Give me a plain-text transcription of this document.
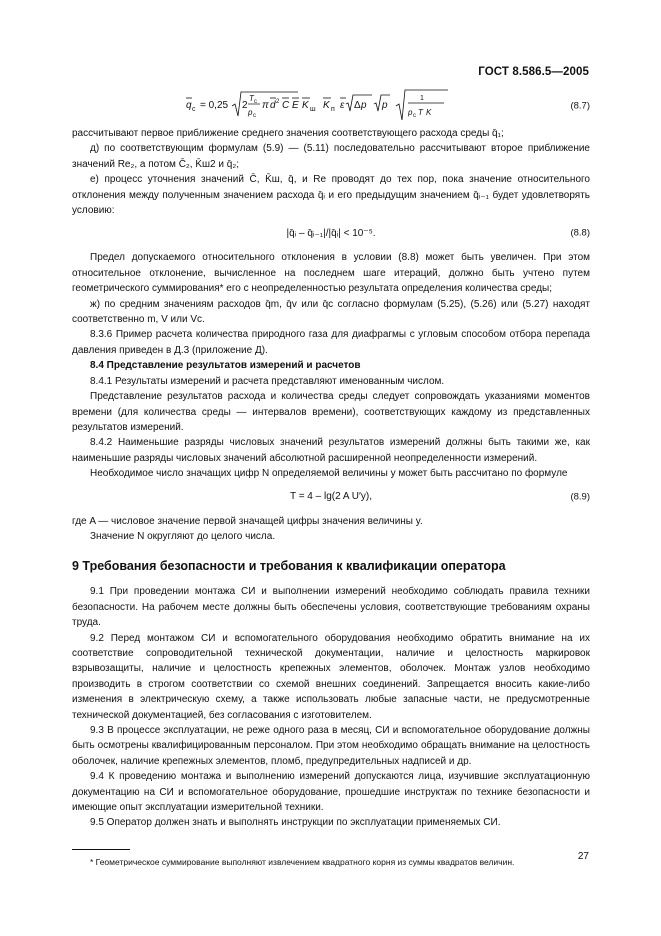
ГОСТ 8.586.5—2005
q с = 0,25 2
T с
p с
π d 2 C E K ш K п ε Δ p p
1
p с T K
(8.7)

рассчитывают первое приближение среднего значения соответствующего расхода среды q̄₁;

д) по соответствующим формулам (5.9) — (5.11) последовательно рассчитывают второе приближение значений Re₂, а потом C̄₂, K̄ш2 и q̄₂;

е) процесс уточнения значений C̄, K̄ш, q̄, и Re проводят до тех пор, пока значение относительного отклонения между полученным значением расхода q̄ᵢ и его предыдущим значением q̄ᵢ₋₁ будет удовлетворять условию:

|q̄ᵢ – q̄ᵢ₋₁|/|q̄ᵢ| < 10⁻⁵.	(8.8)

Предел допускаемого относительного отклонения в условии (8.8) может быть увеличен. При этом относительное отклонение, вычисленное на последнем шаге итераций, должно быть учтено путем геометрического суммирования* его с неопределенностью результата определения количества среды;

ж) по средним значениям расходов q̄m, q̄v или q̄с согласно формулам (5.25), (5.26) или (5.27) находят соответственно m, V или Vс.

8.3.6 Пример расчета количества природного газа для диафрагмы с угловым способом отбора перепада давления приведен в Д.3 (приложение Д).

8.4 Представление результатов измерений и расчетов

8.4.1 Результаты измерений и расчета представляют именованным числом.

Представление результатов расхода и количества среды следует сопровождать указаниями моментов времени (для количества среды — интервалов времени), соответствующих каждому из представленных результатов измерений.

8.4.2 Наименьшие разряды числовых значений результатов измерений должны быть такими же, как наименьшие разряды числовых значений абсолютной расширенной неопределенности измерений.

Необходимое число значащих цифр N определяемой величины y может быть рассчитано по формуле

T = 4 – lg(2 A U′y),	(8.9)

где A — числовое значение первой значащей цифры значения величины y.

Значение N округляют до целого числа.

9 Требования безопасности и требования к квалификации оператора

9.1 При проведении монтажа СИ и выполнении измерений необходимо соблюдать правила техники безопасности. На рабочем месте должны быть обеспечены условия, соответствующие требованиям охраны труда.

9.2 Перед монтажом СИ и вспомогательного оборудования необходимо обратить внимание на их соответствие сопроводительной технической документации, наличие и целостность маркировок взрывозащиты, наличие и целостность крепежных элементов, оболочек. Монтаж узлов необходимо производить в строгом соответствии со схемой внешних соединений. Запрещается вносить какие-либо изменения в электрическую схему, а также использовать любые запасные части, не предусмотренные технической документацией, без согласования с изготовителем.

9.3 В процессе эксплуатации, не реже одного раза в месяц, СИ и вспомогательное оборудование должны быть осмотрены квалифицированным персоналом. При этом необходимо обращать внимание на целостность оболочек, наличие крепежных элементов, пломб, предупредительных надписей и др.

9.4 К проведению монтажа и выполнению измерений допускаются лица, изучившие эксплуатационную документацию на СИ и вспомогательное оборудование, прошедшие инструктаж по технике безопасности и имеющие опыт эксплуатации измерительной техники.

9.5 Оператор должен знать и выполнять инструкции по эксплуатации применяемых СИ.

* Геометрическое суммирование выполняют извлечением квадратного корня из суммы квадратов величин.	27
